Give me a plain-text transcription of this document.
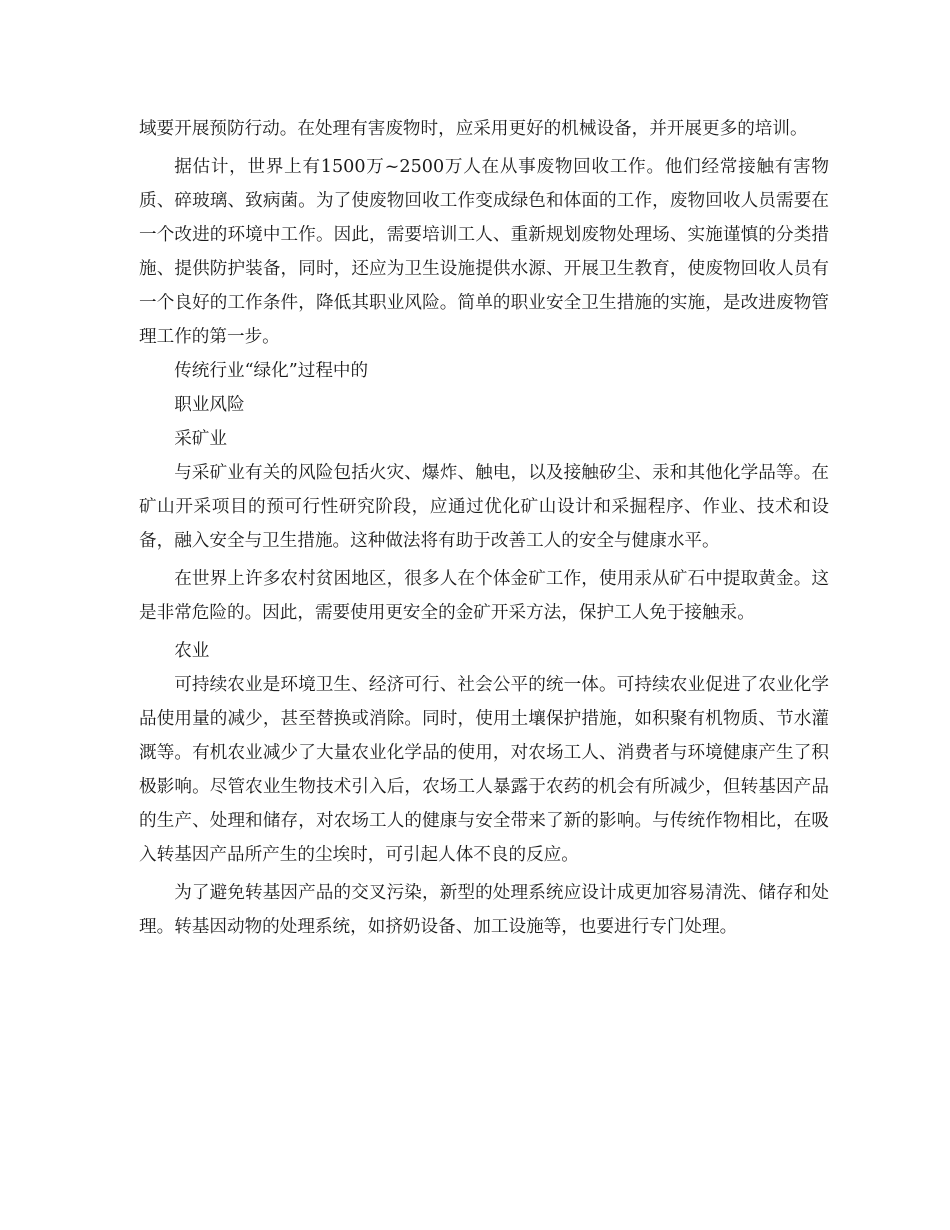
域要开展预防行动。在处理有害废物时，应采用更好的机械设备，并开展更多的培训。

据估计，世界上有1500万~2500万人在从事废物回收工作。他们经常接触有害物质、碎玻璃、致病菌。为了使废物回收工作变成绿色和体面的工作，废物回收人员需要在一个改进的环境中工作。因此，需要培训工人、重新规划废物处理场、实施谨慎的分类措施、提供防护装备，同时，还应为卫生设施提供水源、开展卫生教育，使废物回收人员有一个良好的工作条件，降低其职业风险。简单的职业安全卫生措施的实施，是改进废物管理工作的第一步。

传统行业“绿化”过程中的

职业风险

采矿业

与采矿业有关的风险包括火灾、爆炸、触电，以及接触矽尘、汞和其他化学品等。在矿山开采项目的预可行性研究阶段，应通过优化矿山设计和采掘程序、作业、技术和设备，融入安全与卫生措施。这种做法将有助于改善工人的安全与健康水平。

在世界上许多农村贫困地区，很多人在个体金矿工作，使用汞从矿石中提取黄金。这是非常危险的。因此，需要使用更安全的金矿开采方法，保护工人免于接触汞。

农业

可持续农业是环境卫生、经济可行、社会公平的统一体。可持续农业促进了农业化学品使用量的减少，甚至替换或消除。同时，使用土壤保护措施，如积聚有机物质、节水灌溉等。有机农业减少了大量农业化学品的使用，对农场工人、消费者与环境健康产生了积极影响。尽管农业生物技术引入后，农场工人暴露于农药的机会有所减少，但转基因产品的生产、处理和储存，对农场工人的健康与安全带来了新的影响。与传统作物相比，在吸入转基因产品所产生的尘埃时，可引起人体不良的反应。

为了避免转基因产品的交叉污染，新型的处理系统应设计成更加容易清洗、储存和处理。转基因动物的处理系统，如挤奶设备、加工设施等，也要进行专门处理。
